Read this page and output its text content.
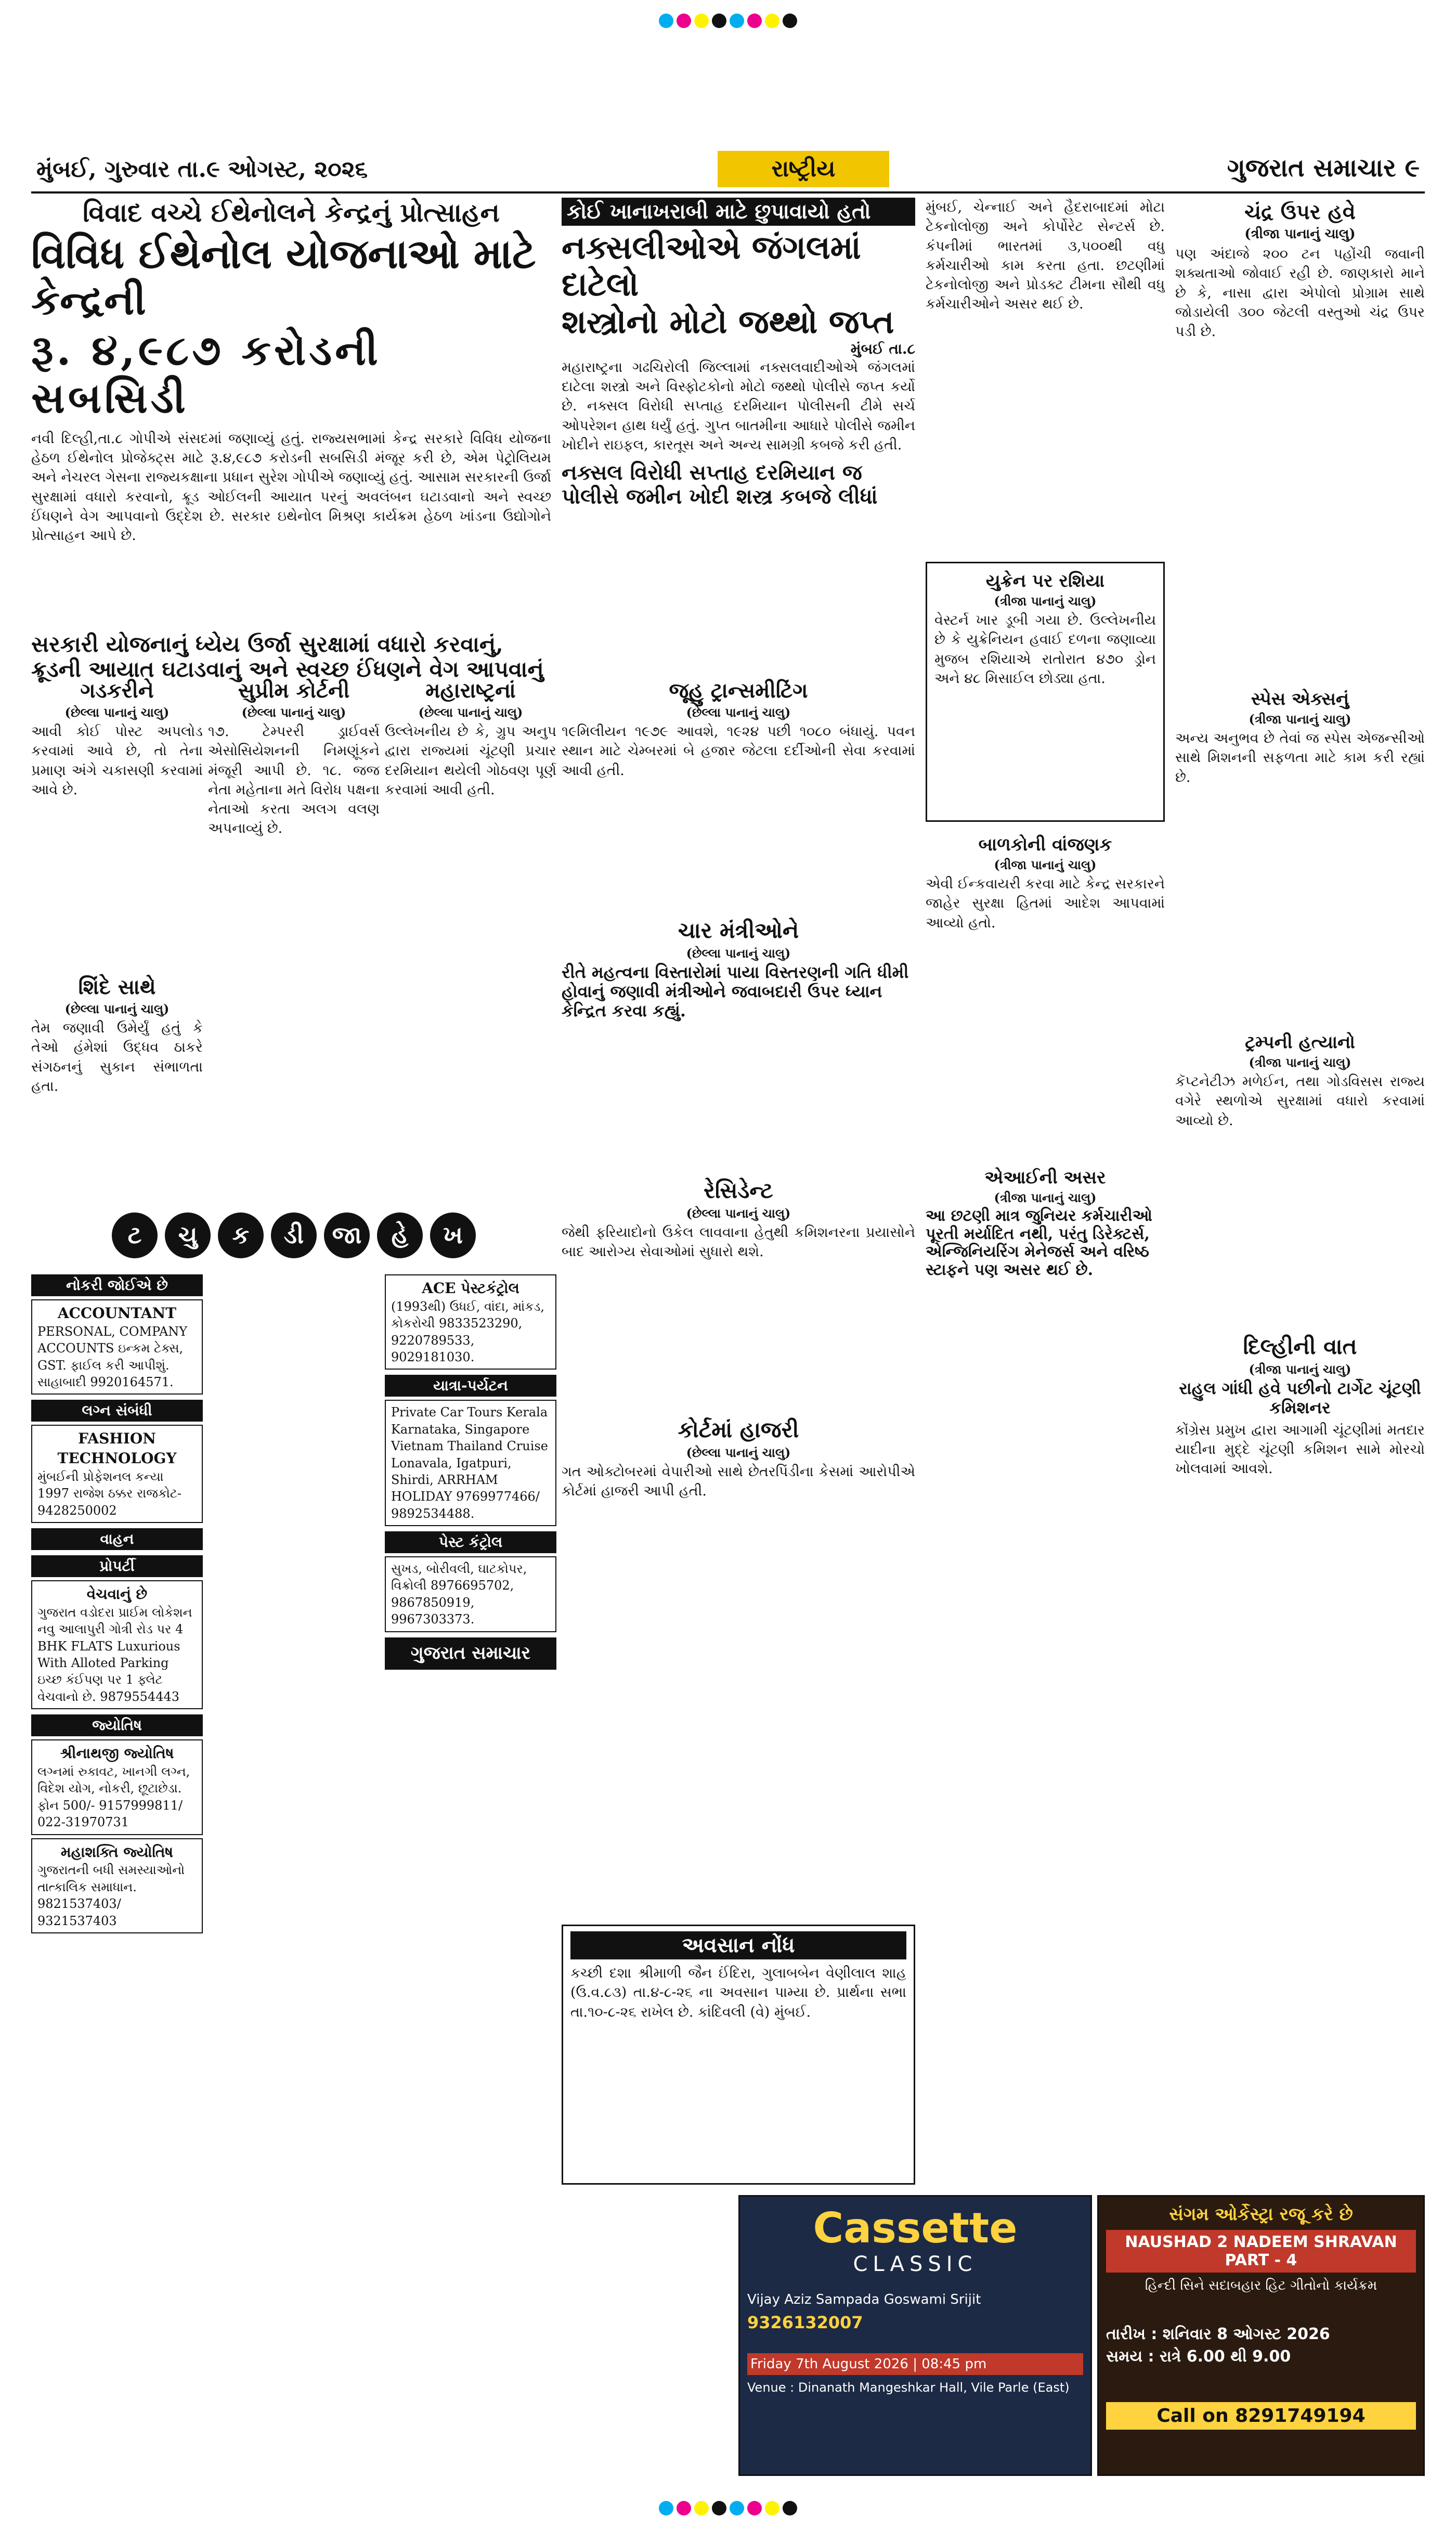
મુંબઈ, ગુરુવાર તા.૯ ઓગસ્ટ, ૨૦૨૬	રાષ્ટ્રીય	ગુજરાત સમાચાર ૯
વિવાદ વચ્ચે ઈથેનોલને કેન્દ્રનું પ્રોત્સાહન
વિવિધ ઈથેનોલ યોજનાઓ માટે કેન્દ્રની
રૂ. ૪,૯૮૭ કરોડની સબસિડી
નવી દિલ્હી,તા.૮ ગોપીએ સંસદમાં જણાવ્યું હતું. રાજ્યસભામાં કેન્દ્ર સરકારે વિવિધ યોજના હેઠળ ઈથેનોલ પ્રોજેક્ટ્સ માટે રૂ.૪,૯૮૭ કરોડની સબસિડી મંજૂર કરી છે, એમ પેટ્રોલિયમ અને નેચરલ ગેસના રાજ્યકક્ષાના પ્રધાન સુરેશ ગોપીએ જણાવ્યું હતું. આસામ સરકારની ઉર્જા સુરક્ષામાં વધારો કરવાનો, ક્રૂડ ઓઈલની આયાત પરનું અવલંબન ઘટાડવાનો અને સ્વચ્છ ઈંધણને વેગ આપવાનો ઉદ્દેશ છે. સરકાર ઇથેનોલ મિશ્રણ કાર્યક્રમ હેઠળ ખાંડના ઉદ્યોગોને પ્રોત્સાહન આપે છે.
સરકારી યોજનાનું ધ્યેય ઉર્જા સુરક્ષામાં વધારો કરવાનું, ક્રૂડની આયાત ઘટાડવાનું અને સ્વચ્છ ઈંધણને વેગ આપવાનું
કોઈ ખાનાખરાબી માટે છુપાવાયો હતો
નક્સલીઓએ જંગલમાં દાટેલો
શસ્ત્રોનો મોટો જથ્થો જપ્ત
મુંબઈ તા.૮
મહારાષ્ટ્રના ગઢચિરોલી જિલ્લામાં નક્સલવાદીઓએ જંગલમાં દાટેલા શસ્ત્રો અને વિસ્ફોટકોનો મોટો જથ્થો પોલીસે જપ્ત કર્યો છે. નક્સલ વિરોધી સપ્તાહ દરમિયાન પોલીસની ટીમે સર્ચ ઓપરેશન હાથ ધર્યું હતું. ગુપ્ત બાતમીના આધારે પોલીસે જમીન ખોદીને રાઇફલ, કારતૂસ અને અન્ય સામગ્રી કબજે કરી હતી.
નક્સલ વિરોધી સપ્તાહ દરમિયાન જ પોલીસે જમીન ખોદી શસ્ત્ર કબજે લીધાં
મુંબઈ, ચેન્નાઈ અને હૈદરાબાદમાં મોટા ટેકનોલોજી અને કોર્પોરેટ સેન્ટર્સ છે. કંપનીમાં ભારતમાં ૩,૫૦૦થી વધુ કર્મચારીઓ કામ કરતા હતા. છટણીમાં ટેકનોલોજી અને પ્રોડક્ટ ટીમના સૌથી વધુ કર્મચારીઓને અસર થઈ છે.
ચંદ્ર ઉપર હવે
(ત્રીજા પાનાનું ચાલુ)
પણ અંદાજે ૨૦૦ ટન પહોંચી જવાની શક્યતાઓ જોવાઈ રહી છે. જાણકારો માને છે કે, નાસા દ્વારા એપોલો પ્રોગ્રામ સાથે જોડાયેલી ૩૦૦ જેટલી વસ્તુઓ ચંદ્ર ઉપર પડી છે.
યુક્રેન પર રશિયા
(ત્રીજા પાનાનું ચાલુ)
વેસ્ટર્ન ખાર ડૂબી ગયા છે. ઉલ્લેખનીય છે કે યુક્રેનિયન હવાઈ દળના જણાવ્યા મુજબ રશિયાએ રાતોરાત ૪૭૦ ડ્રોન અને ૪૮ મિસાઈલ છોડ્યા હતા.
સ્પેસ એક્સનું
(ત્રીજા પાનાનું ચાલુ)
અન્ય અનુભવ છે તેવાં જ સ્પેસ એજન્સીઓ સાથે મિશનની સફળતા માટે કામ કરી રહ્યાં છે.
ગડકરીને
(છેલ્લા પાનાનું ચાલુ)
આવી કોઈ પોસ્ટ અપલોડ કરવામાં આવે છે, તો તેના પ્રમાણ અંગે ચકાસણી કરવામાં આવે છે.
સુપ્રીમ કોર્ટની
(છેલ્લા પાનાનું ચાલુ)
૧૭. ટેમ્પરરી ડ્રાઈવર્સ એસોસિયેશનની નિમણૂંકને મંજૂરી આપી છે. ૧૮. જજ નેતા મહેતાના મતે વિરોધ પક્ષના નેતાઓ કરતા અલગ વલણ અપનાવ્યું છે.
શિંદે સાથે
(છેલ્લા પાનાનું ચાલુ)
તેમ જણાવી ઉમેર્યું હતું કે તેઓ હંમેશાં ઉદ્ધવ ઠાકરે સંગઠનનું સુકાન સંભાળતા હતા.
મહારાષ્ટ્રનાં
(છેલ્લા પાનાનું ચાલુ)
ઉલ્લેખનીય છે કે, ગ્રુપ અનુપ દ્વારા રાજ્યમાં ચૂંટણી પ્રચાર દરમિયાન થયેલી ગોઠવણ પૂર્ણ કરવામાં આવી હતી.
જૂહુ ટ્રાન્સમીટિંગ
(છેલ્લા પાનાનું ચાલુ)
૧૯મિલીયન ૧૯૭૯ આવશે, ૧૯૨૪ પછી ૧૦૮૦ બંધાયું. પવન સ્થાન માટે ચેમ્બરમાં બે હજાર જેટલા દર્દીઓની સેવા કરવામાં આવી હતી.
ચાર મંત્રીઓને
(છેલ્લા પાનાનું ચાલુ)
રીતે મહત્વના વિસ્તારોમાં પાયા વિસ્તરણની ગતિ ધીમી હોવાનું જણાવી મંત્રીઓને જવાબદારી ઉપર ધ્યાન કેન્દ્રિત કરવા કહ્યું.
બાળકોની વાંજણક
(ત્રીજા પાનાનું ચાલુ)
એવી ઈન્કવાયરી કરવા માટે કેન્દ્ર સરકારને જાહેર સુરક્ષા હિતમાં આદેશ આપવામાં આવ્યો હતો.
ટ્રમ્પની હત્યાનો
(ત્રીજા પાનાનું ચાલુ)
કૅપ્ટનેટીઝ મળેઈન, તથા ગોડવિસસ રાજ્ય વગેરે સ્થળોએ સુરક્ષામાં વધારો કરવામાં આવ્યો છે.
ટ	ચુ	ક	ડી	જા	હે	ખ
રેસિડેન્ટ
(છેલ્લા પાનાનું ચાલુ)
જેથી ફરિયાદોનો ઉકેલ લાવવાના હેતુથી કમિશનરના પ્રયાસોને બાદ આરોગ્ય સેવાઓમાં સુધારો થશે.
કોર્ટમાં હાજરી
(છેલ્લા પાનાનું ચાલુ)
ગત ઓક્ટોબરમાં વેપારીઓ સાથે છેતરપિંડીના કેસમાં આરોપીએ કોર્ટમાં હાજરી આપી હતી.
એઆઈની અસર
(ત્રીજા પાનાનું ચાલુ)
આ છટણી માત્ર જુનિયર કર્મચારીઓ પૂરતી મર્યાદિત નથી, પરંતુ ડિરેક્ટર્સ, એન્જિનિયરિંગ મેનેજર્સ અને વરિષ્ઠ સ્ટાફને પણ અસર થઈ છે.
દિલ્હીની વાત
(ત્રીજા પાનાનું ચાલુ)
રાહુલ ગાંધી હવે પછીનો ટાર્ગેટ ચૂંટણી કમિશનર
કોંગ્રેસ પ્રમુખ દ્વારા આગામી ચૂંટણીમાં મતદાર યાદીના મુદ્દે ચૂંટણી કમિશન સામે મોરચો ખોલવામાં આવશે.
નોકરી જોઈએ છે
ACCOUNTANT
PERSONAL, COMPANY ACCOUNTS ઇન્કમ ટેક્સ, GST. ફાઈલ કરી આપીશું. સાહાબાદી 9920164571.
લગ્ન સંબંધી
FASHION TECHNOLOGY
મુંબઈની પ્રોફેશનલ કન્યા 1997 રાજેશ ઠક્કર રાજકોટ- 9428250002
વાહન
પ્રોપર્ટી
વેચવાનું છે
ગુજરાત વડોદરા પ્રાઈમ લોકેશન નવુ આલાપુરી ગોત્રી રોડ પર 4 BHK FLATS Luxurious With Alloted Parking ઇચ્છ કંઈપણ પર 1 ફ્લેટ વેચવાનો છે. 9879554443
જ્યોતિષ
શ્રીનાથજી જ્યોતિષ
લગ્નમાં રુકાવટ, ખાનગી લગ્ન, વિદેશ યોગ, નોકરી, છૂટાછેડા. ફોન 500/- 9157999811/ 022-31970731
મહાશક્તિ જ્યોતિષ
ગુજરાતની બધી સમસ્યાઓનો તાત્કાલિક સમાધાન. 9821537403/ 9321537403
ACE પેસ્ટકંટ્રોલ
(1993થી) ઉધઈ, વાંદા, માંકડ, કોકરોચી 9833523290, 9220789533, 9029181030.
યાત્રા-પર્યટન
Private Car Tours Kerala Karnataka, Singapore Vietnam Thailand Cruise Lonavala, Igatpuri, Shirdi, ARRHAM HOLIDAY 9769977466/ 9892534488.
પેસ્ટ કંટ્રોલ
સુખડ, બોરીવલી, ઘાટકોપર, વિક્રોલી 8976695702, 9867850919, 9967303373.
ગુજરાત સમાચાર
અવસાન નોંધ
કચ્છી દશા શ્રીમાળી જૈન ઈંદિરા, ગુલાબબેન વેણીલાલ શાહ (ઉ.વ.૮૩) તા.૪-૮-૨૬ ના અવસાન પામ્યા છે. પ્રાર્થના સભા તા.૧૦-૮-૨૬ રાખેલ છે. કાંદિવલી (વે) મુંબઈ.
Cassette
CLASSIC
Vijay Aziz Sampada Goswami Srijit
9326132007
Friday 7th August 2026 | 08:45 pm
Venue : Dinanath Mangeshkar Hall, Vile Parle (East)
સંગમ ઓર્કેસ્ટ્રા રજૂ કરે છે
NAUSHAD 2 NADEEM SHRAVAN PART - 4
હિન્દી સિને સદાબહાર હિટ ગીતોનો કાર્યક્રમ
તારીખ : શનિવાર 8 ઓગસ્ટ 2026
સમય : રાત્રે 6.00 થી 9.00
Call on 8291749194
